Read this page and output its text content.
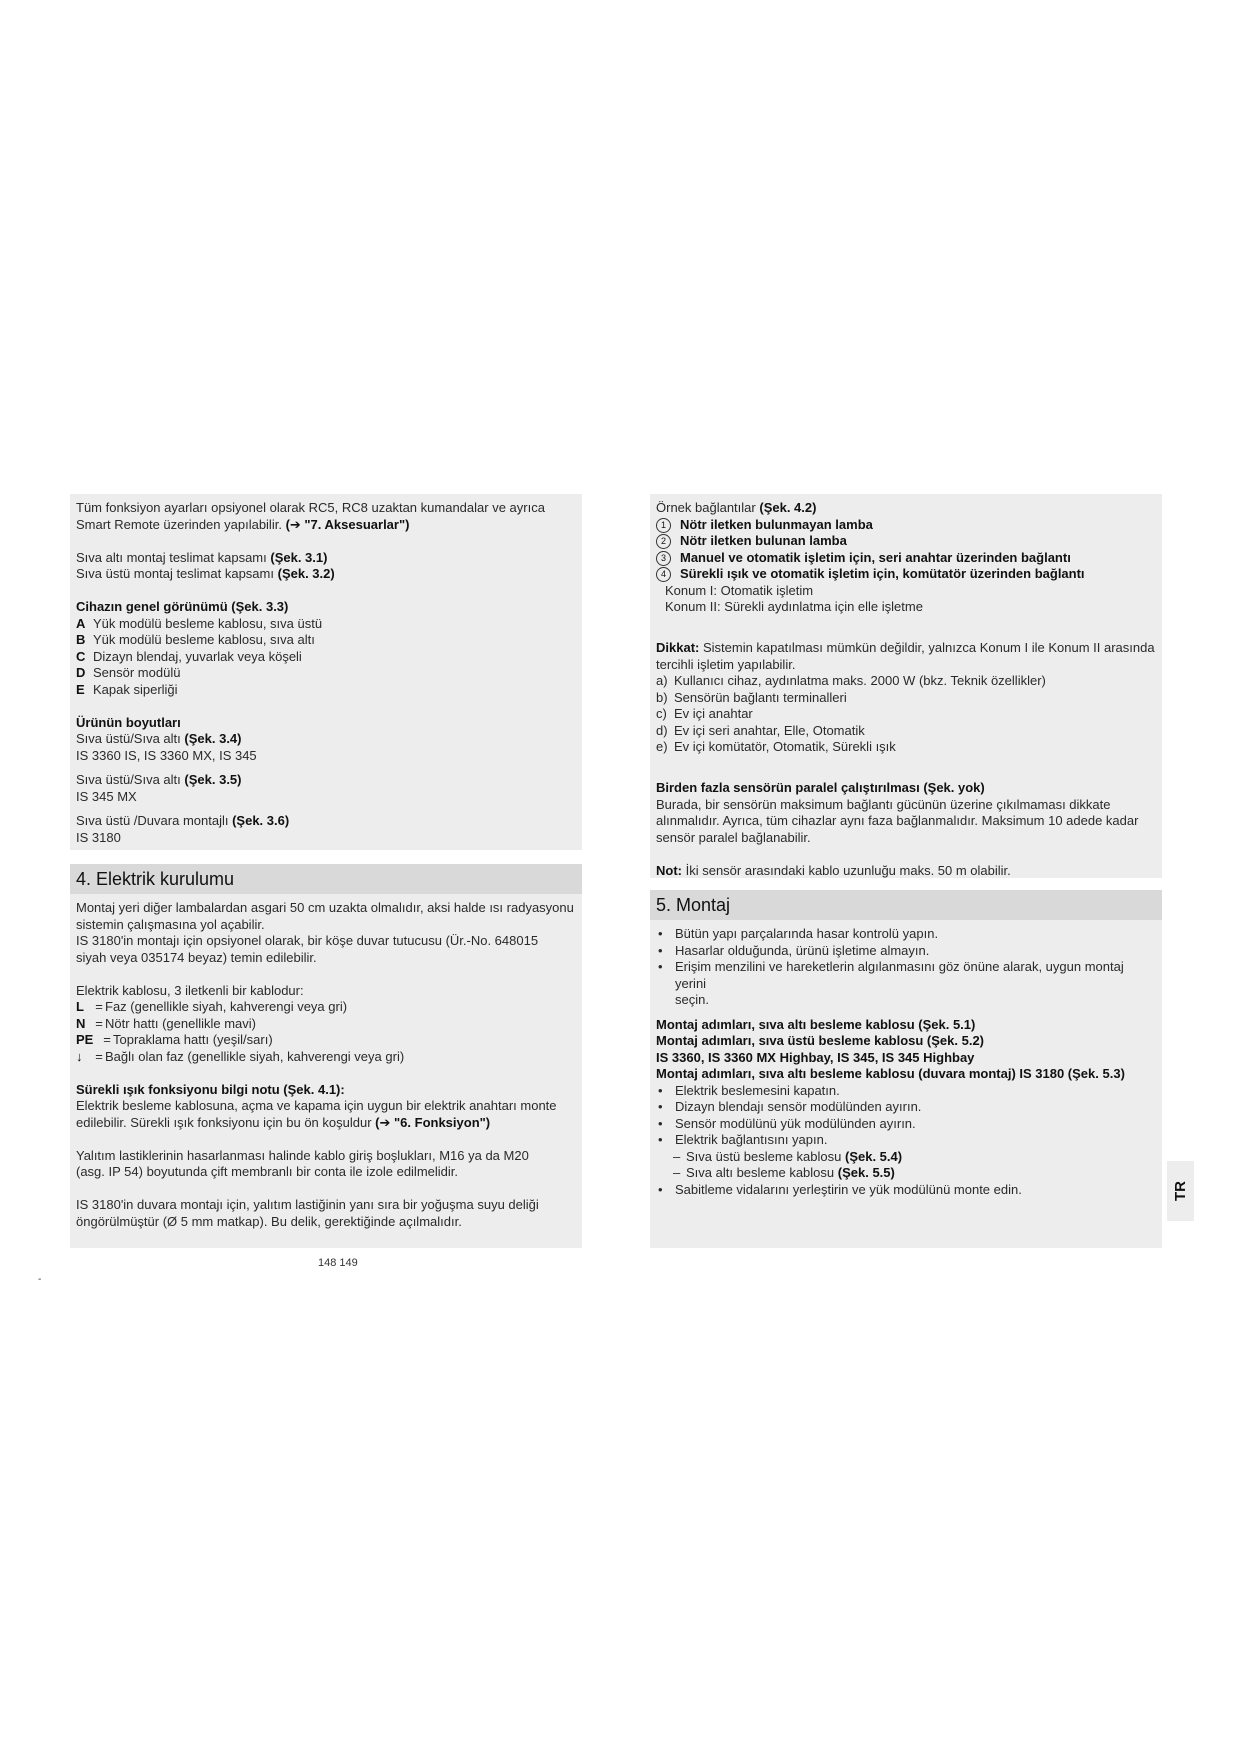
Tüm fonksiyon ayarları opsiyonel olarak RC5, RC8 uzaktan kumandalar ve ayrıca

Smart Remote üzerinden yapılabilir. (➔ "7. Aksesuarlar")

Sıva altı montaj teslimat kapsamı (Şek. 3.1)

Sıva üstü montaj teslimat kapsamı (Şek. 3.2)

Cihazın genel görünümü (Şek. 3.3)

A Yük modülü besleme kablosu, sıva üstü
B Yük modülü besleme kablosu, sıva altı
C Dizayn blendaj, yuvarlak veya köşeli
D Sensör modülü
E Kapak siperliği

Ürünün boyutları

Sıva üstü/Sıva altı (Şek. 3.4)

IS 3360 IS, IS 3360 MX, IS 345

Sıva üstü/Sıva altı (Şek. 3.5)

IS 345 MX

Sıva üstü /Duvara montajlı (Şek. 3.6)

IS 3180

4. Elektrik kurulumu

Montaj yeri diğer lambalardan asgari 50 cm uzakta olmalıdır, aksi halde ısı radyasyonu

sistemin çalışmasına yol açabilir.

IS 3180'in montajı için opsiyonel olarak, bir köşe duvar tutucusu (Ür.-No. 648015

siyah veya 035174 beyaz) temin edilebilir.

Elektrik kablosu, 3 iletkenli bir kablodur:

L = Faz (genellikle siyah, kahverengi veya gri)
N = Nötr hattı (genellikle mavi)
PE = Topraklama hattı (yeşil/sarı)
↓ = Bağlı olan faz (genellikle siyah, kahverengi veya gri)

Sürekli ışık fonksiyonu bilgi notu (Şek. 4.1):

Elektrik besleme kablosuna, açma ve kapama için uygun bir elektrik anahtarı monte

edilebilir. Sürekli ışık fonksiyonu için bu ön koşuldur (➔ "6. Fonksiyon")

Yalıtım lastiklerinin hasarlanması halinde kablo giriş boşlukları, M16 ya da M20

(asg. IP 54) boyutunda çift membranlı bir conta ile izole edilmelidir.

IS 3180'in duvara montajı için, yalıtım lastiğinin yanı sıra bir yoğuşma suyu deliği

öngörülmüştür (Ø 5 mm matkap). Bu delik, gerektiğinde açılmalıdır.

Örnek bağlantılar (Şek. 4.2)

1	Nötr iletken bulunmayan lamba
2	Nötr iletken bulunan lamba
3	Manuel ve otomatik işletim için, seri anahtar üzerinden bağlantı
4	Sürekli ışık ve otomatik işletim için, komütatör üzerinden bağlantı

Konum I: Otomatik işletim

Konum II: Sürekli aydınlatma için elle işletme

Dikkat: Sistemin kapatılması mümkün değildir, yalnızca Konum I ile Konum II arasında

tercihli işletim yapılabilir.

a) Kullanıcı cihaz, aydınlatma maks. 2000 W (bkz. Teknik özellikler)
b) Sensörün bağlantı terminalleri
c) Ev içi anahtar
d) Ev içi seri anahtar, Elle, Otomatik
e) Ev içi komütatör, Otomatik, Sürekli ışık

Birden fazla sensörün paralel çalıştırılması (Şek. yok)

Burada, bir sensörün maksimum bağlantı gücünün üzerine çıkılmaması dikkate

alınmalıdır. Ayrıca, tüm cihazlar aynı faza bağlanmalıdır. Maksimum 10 adede kadar

sensör paralel bağlanabilir.

Not: İki sensör arasındaki kablo uzunluğu maks. 50 m olabilir.

5. Montaj
• Bütün yapı parçalarında hasar kontrolü yapın.
• Hasarlar olduğunda, ürünü işletime almayın.
• Erişim menzilini ve hareketlerin algılanmasını göz önüne alarak, uygun montaj yerini
seçin.

Montaj adımları, sıva altı besleme kablosu (Şek. 5.1)

Montaj adımları, sıva üstü besleme kablosu (Şek. 5.2)

IS 3360, IS 3360 MX Highbay, IS 345, IS 345 Highbay

Montaj adımları, sıva altı besleme kablosu (duvara montaj) IS 3180 (Şek. 5.3)

• Elektrik beslemesini kapatın.
• Dizayn blendajı sensör modülünden ayırın.
• Sensör modülünü yük modülünden ayırın.
• Elektrik bağlantısını yapın.
– Sıva üstü besleme kablosu (Şek. 5.4)
– Sıva altı besleme kablosu (Şek. 5.5)
• Sabitleme vidalarını yerleştirin ve yük modülünü monte edin.	TR
148 149
-
